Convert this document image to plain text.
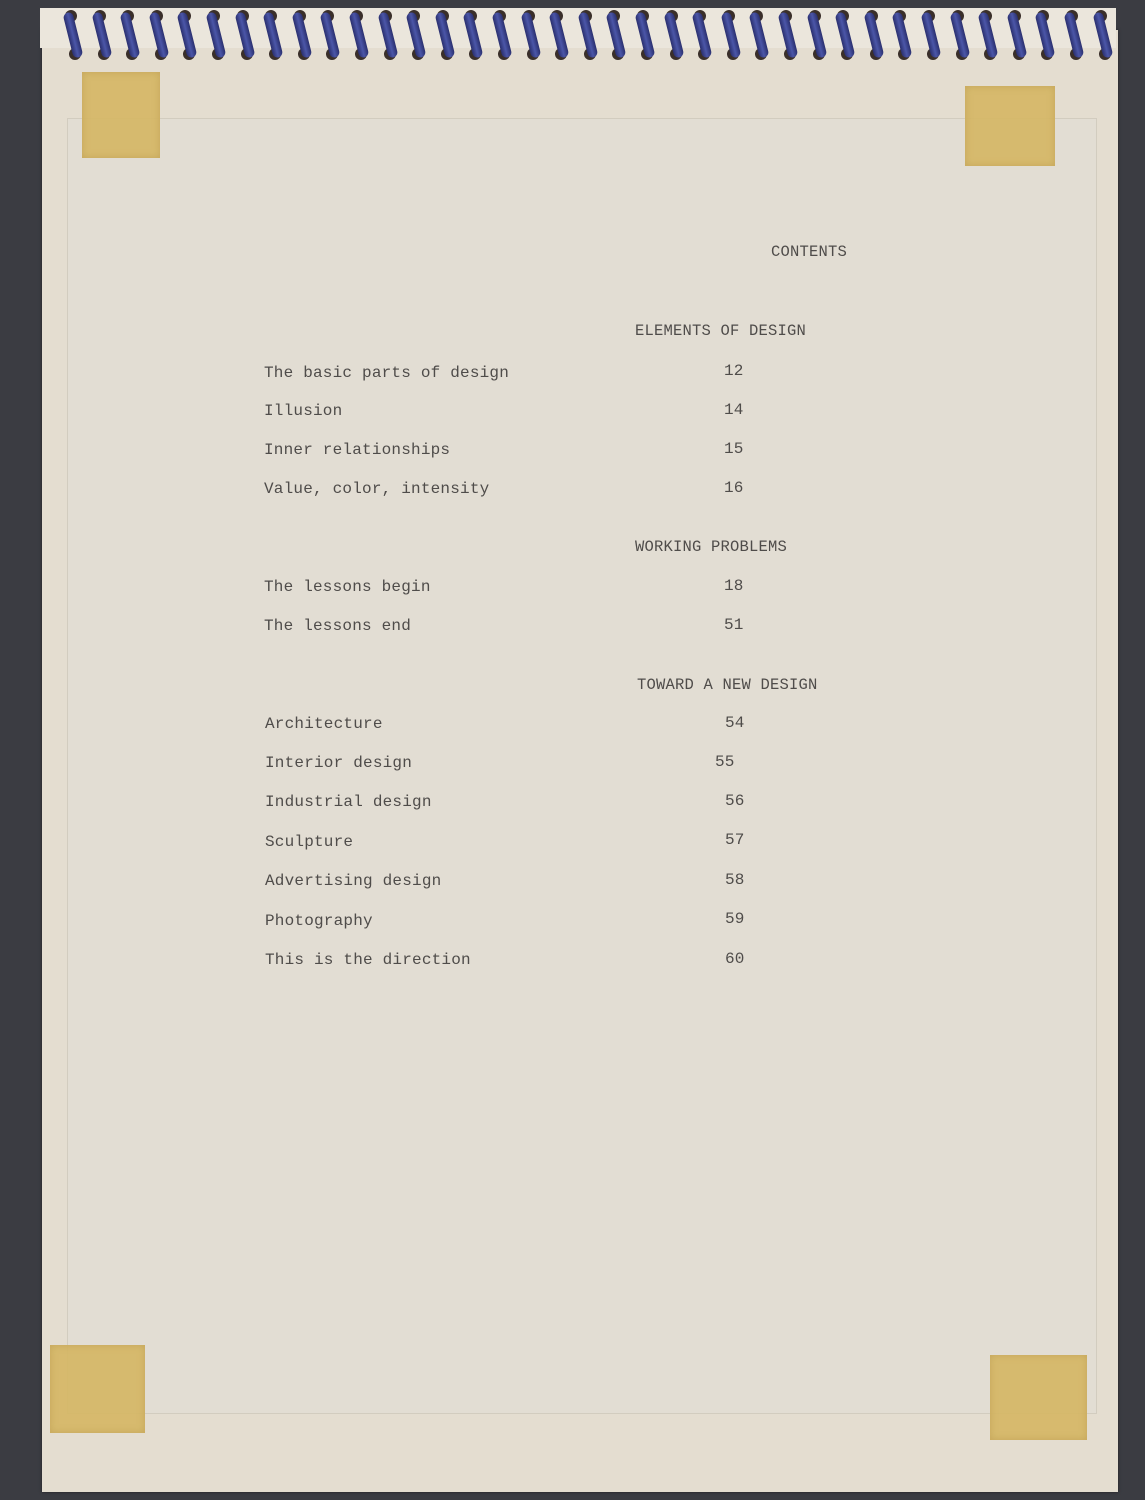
CONTENTS
ELEMENTS OF DESIGN
The basic parts of design	12
Illusion	14
Inner relationships	15
Value, color, intensity	16
WORKING PROBLEMS
The lessons begin	18
The lessons end	51
TOWARD A NEW DESIGN
Architecture	54
Interior design	55
Industrial design	56
Sculpture	57
Advertising design	58
Photography	59
This is the direction	60
